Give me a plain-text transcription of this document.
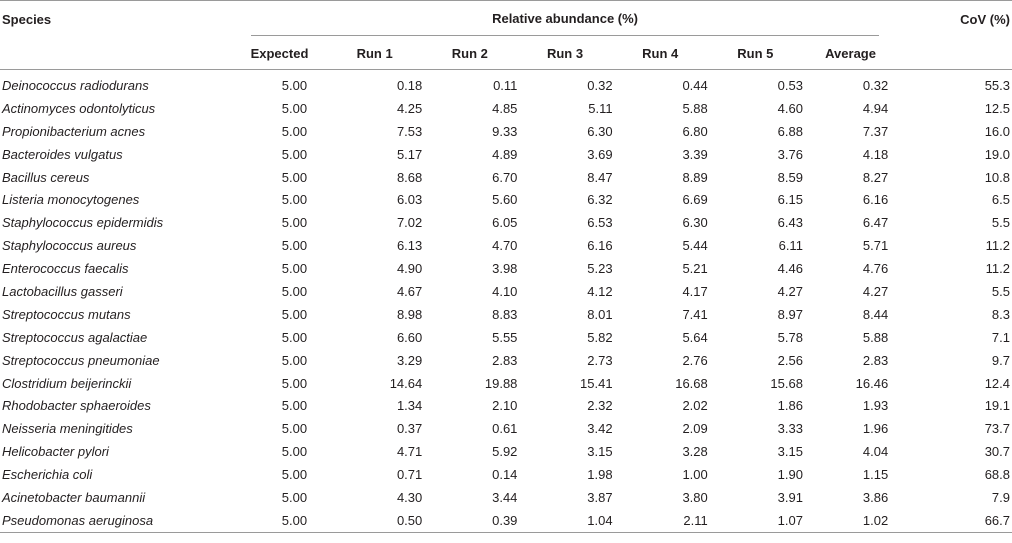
Species	Relative abundance (%)							CoV (%)
	Expected	Run 1	Run 2	Run 3	Run 4	Run 5	Average	
Deinococcus radiodurans	5.00	0.18	0.11	0.32	0.44	0.53	0.32	55.3
Actinomyces odontolyticus	5.00	4.25	4.85	5.11	5.88	4.60	4.94	12.5
Propionibacterium acnes	5.00	7.53	9.33	6.30	6.80	6.88	7.37	16.0
Bacteroides vulgatus	5.00	5.17	4.89	3.69	3.39	3.76	4.18	19.0
Bacillus cereus	5.00	8.68	6.70	8.47	8.89	8.59	8.27	10.8
Listeria monocytogenes	5.00	6.03	5.60	6.32	6.69	6.15	6.16	6.5
Staphylococcus epidermidis	5.00	7.02	6.05	6.53	6.30	6.43	6.47	5.5
Staphylococcus aureus	5.00	6.13	4.70	6.16	5.44	6.11	5.71	11.2
Enterococcus faecalis	5.00	4.90	3.98	5.23	5.21	4.46	4.76	11.2
Lactobacillus gasseri	5.00	4.67	4.10	4.12	4.17	4.27	4.27	5.5
Streptococcus mutans	5.00	8.98	8.83	8.01	7.41	8.97	8.44	8.3
Streptococcus agalactiae	5.00	6.60	5.55	5.82	5.64	5.78	5.88	7.1
Streptococcus pneumoniae	5.00	3.29	2.83	2.73	2.76	2.56	2.83	9.7
Clostridium beijerinckii	5.00	14.64	19.88	15.41	16.68	15.68	16.46	12.4
Rhodobacter sphaeroides	5.00	1.34	2.10	2.32	2.02	1.86	1.93	19.1
Neisseria meningitides	5.00	0.37	0.61	3.42	2.09	3.33	1.96	73.7
Helicobacter pylori	5.00	4.71	5.92	3.15	3.28	3.15	4.04	30.7
Escherichia coli	5.00	0.71	0.14	1.98	1.00	1.90	1.15	68.8
Acinetobacter baumannii	5.00	4.30	3.44	3.87	3.80	3.91	3.86	7.9
Pseudomonas aeruginosa	5.00	0.50	0.39	1.04	2.11	1.07	1.02	66.7
